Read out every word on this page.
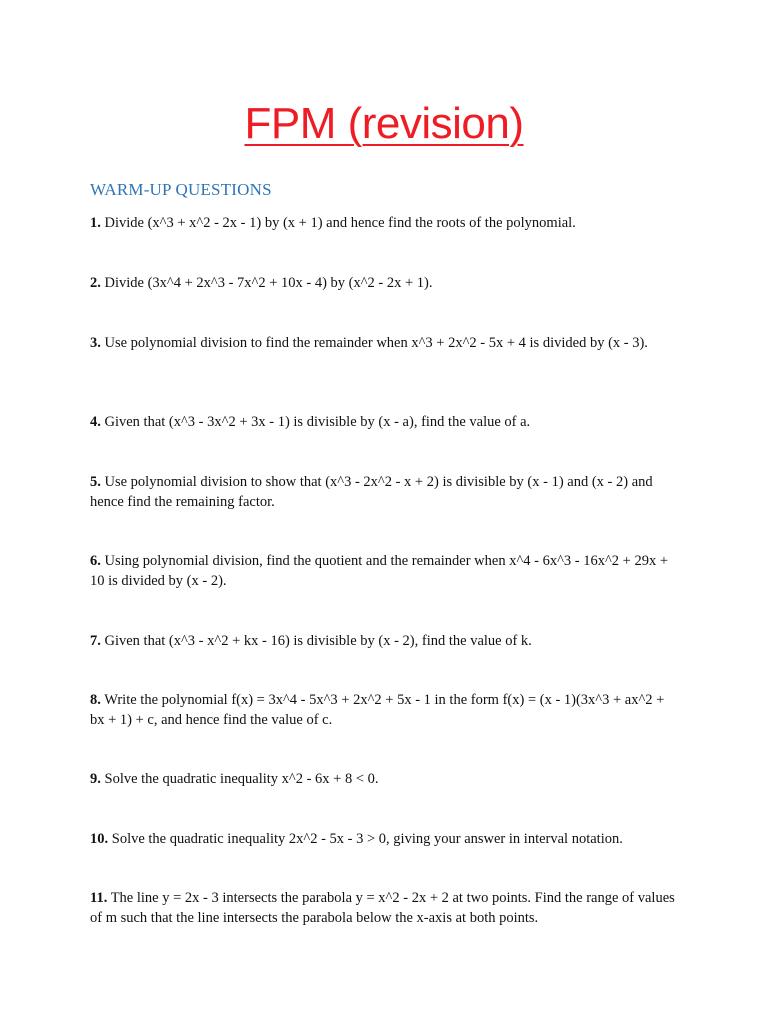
FPM (revision)
WARM-UP QUESTIONS
1. Divide (x^3 + x^2 - 2x - 1) by (x + 1) and hence find the roots of the polynomial.
2. Divide (3x^4 + 2x^3 - 7x^2 + 10x - 4) by (x^2 - 2x + 1).
3. Use polynomial division to find the remainder when x^3 + 2x^2 - 5x + 4 is divided by (x - 3).
4. Given that (x^3 - 3x^2 + 3x - 1) is divisible by (x - a), find the value of a.
5. Use polynomial division to show that (x^3 - 2x^2 - x + 2) is divisible by (x - 1) and (x - 2) and hence find the remaining factor.
6. Using polynomial division, find the quotient and the remainder when x^4 - 6x^3 - 16x^2 + 29x + 10 is divided by (x - 2).
7. Given that (x^3 - x^2 + kx - 16) is divisible by (x - 2), find the value of k.
8. Write the polynomial f(x) = 3x^4 - 5x^3 + 2x^2 + 5x - 1 in the form f(x) = (x - 1)(3x^3 + ax^2 + bx + 1) + c, and hence find the value of c.
9. Solve the quadratic inequality x^2 - 6x + 8 < 0.
10. Solve the quadratic inequality 2x^2 - 5x - 3 > 0, giving your answer in interval notation.
11. The line y = 2x - 3 intersects the parabola y = x^2 - 2x + 2 at two points. Find the range of values of m such that the line intersects the parabola below the x-axis at both points.
